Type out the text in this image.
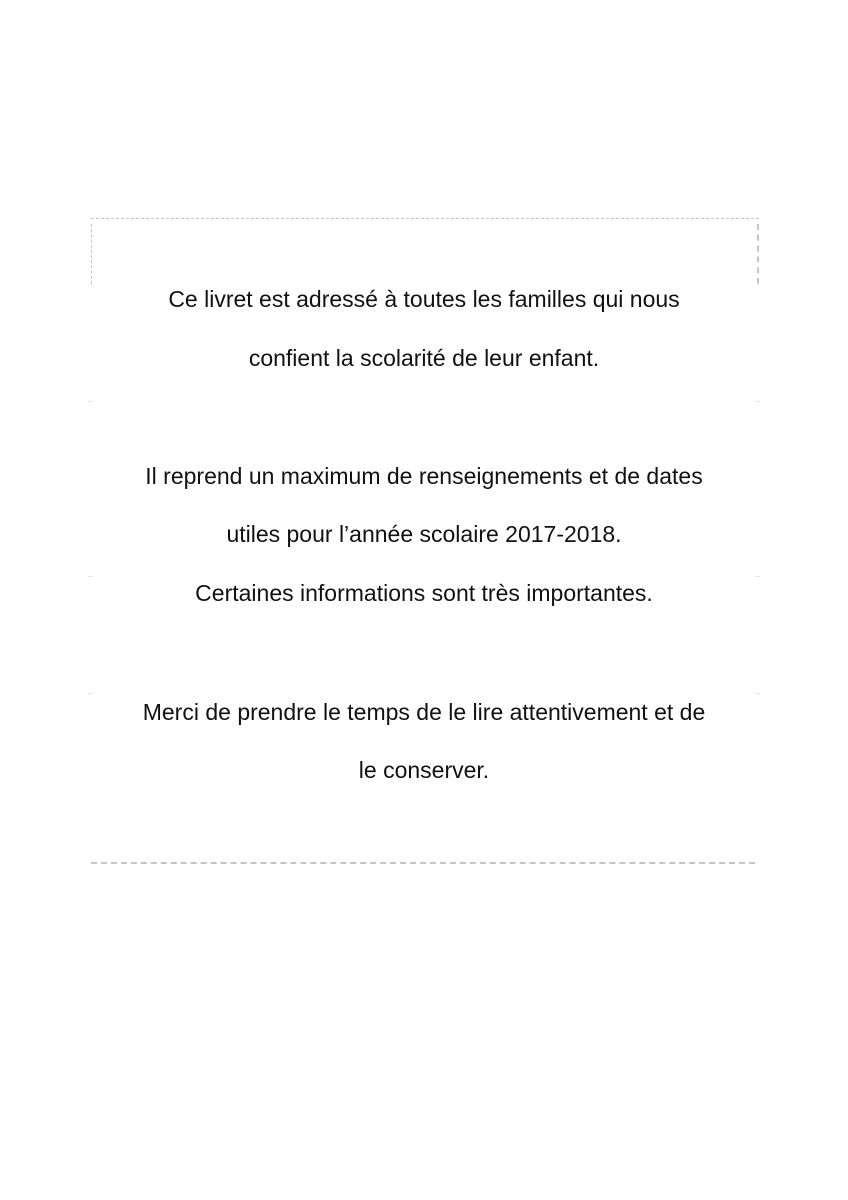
Ce livret est adressé à toutes les familles qui nous
confient la scolarité de leur enfant.
Il reprend un maximum de renseignements et de dates
utiles pour l’année scolaire 2017-2018.
Certaines informations sont très importantes.
Merci de prendre le temps de le lire attentivement et de
le conserver.
